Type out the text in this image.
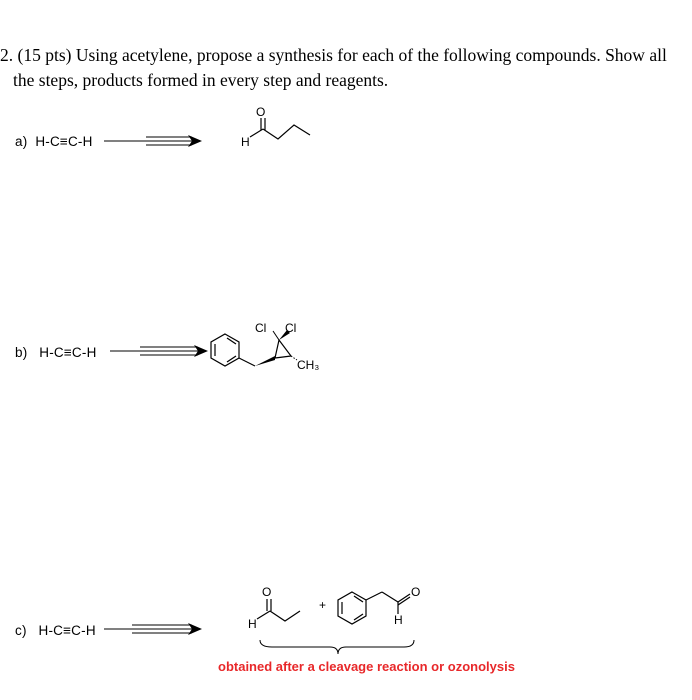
2. (15 pts) Using acetylene, propose a synthesis for each of the following compounds. Show all
the steps, products formed in every step and reagents.
a) H-C≡C-H
O
H
b) H-C≡C-H
Cl Cl
CH₃
c) H-C≡C-H
O
H
+
O
H
obtained after a cleavage reaction or ozonolysis
